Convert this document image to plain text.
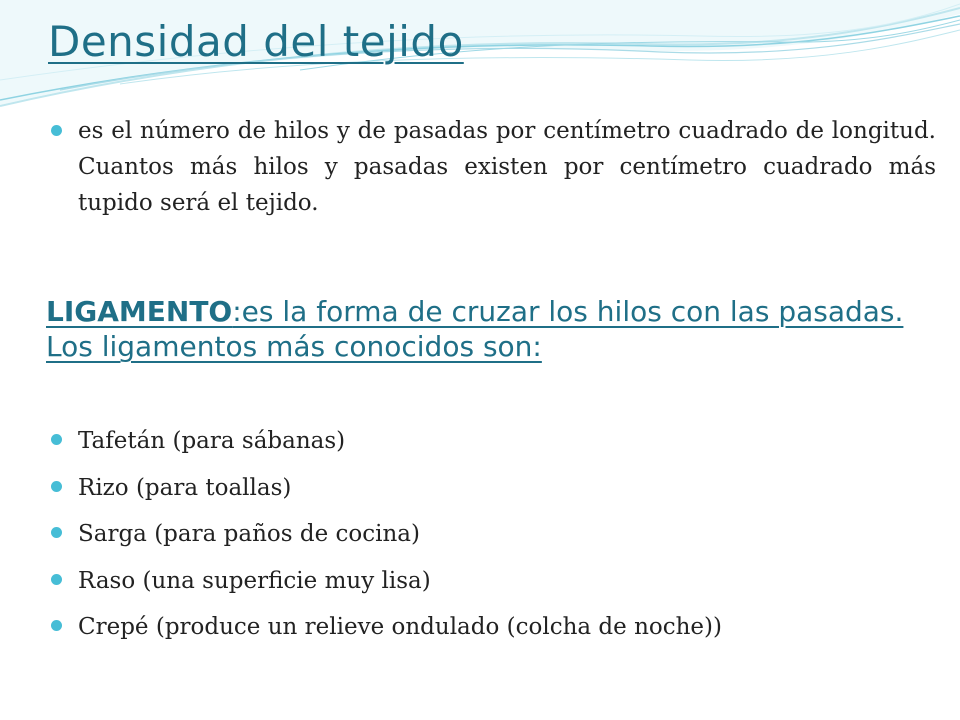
Densidad del tejido
es el número de hilos y de pasadas por centímetro cuadrado de longitud. Cuantos más hilos y pasadas existen por centímetro cuadrado más tupido será el tejido.

LIGAMENTO:es la forma de cruzar los hilos con las pasadas. Los ligamentos más conocidos son:

Tafetán (para sábanas)
Rizo (para toallas)
Sarga (para paños de cocina)
Raso (una superficie muy lisa)
Crepé (produce un relieve ondulado (colcha de noche))
